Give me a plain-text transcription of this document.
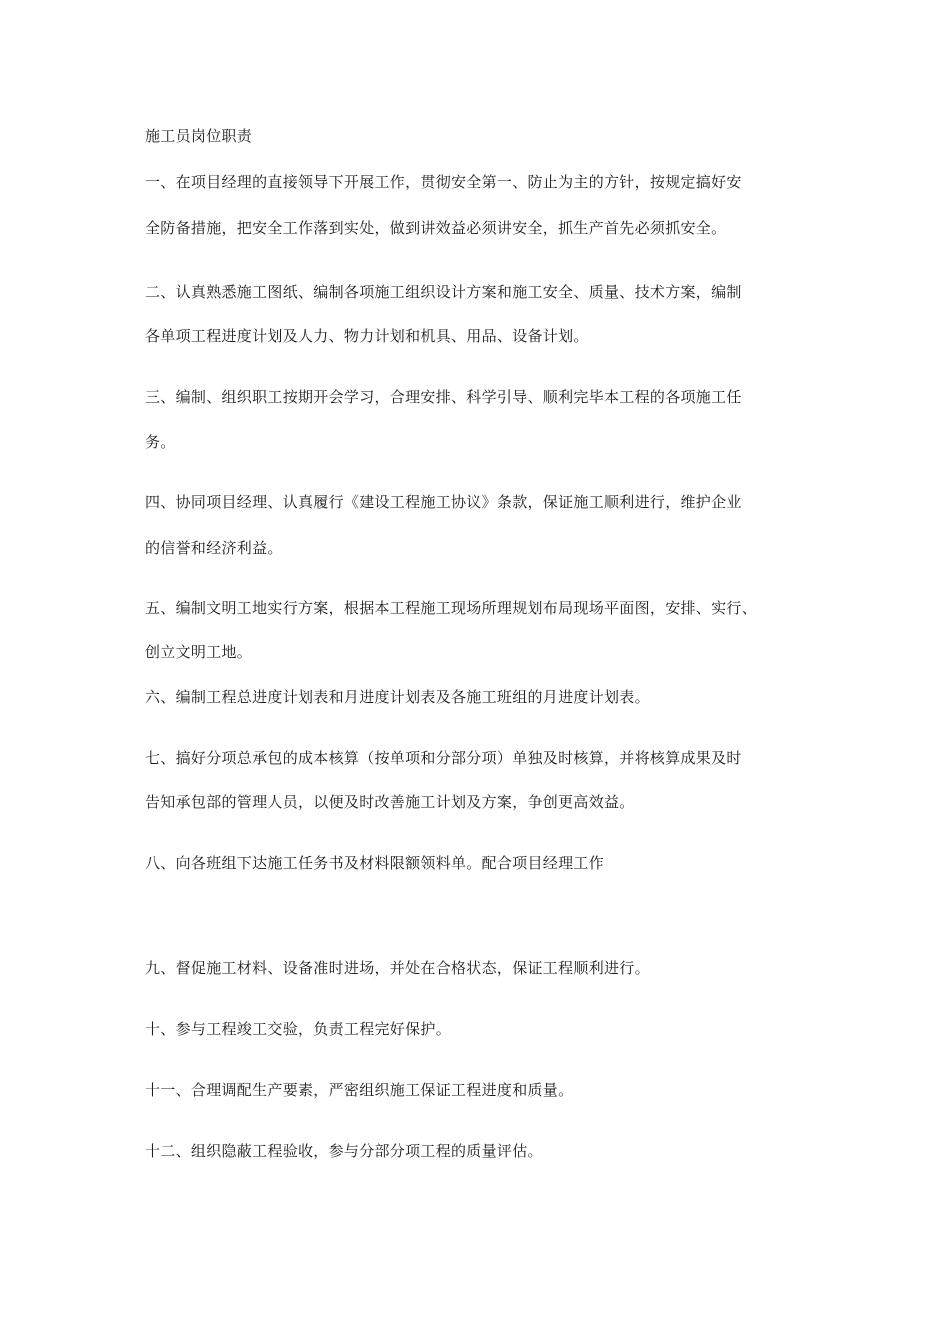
施工员岗位职责
一、在项目经理的直接领导下开展工作，贯彻安全第一、防止为主的方针，按规定搞好安
全防备措施，把安全工作落到实处，做到讲效益必须讲安全，抓生产首先必须抓安全。
二、认真熟悉施工图纸、编制各项施工组织设计方案和施工安全、质量、技术方案，编制
各单项工程进度计划及人力、物力计划和机具、用品、设备计划。
三、编制、组织职工按期开会学习，合理安排、科学引导、顺利完毕本工程的各项施工任
务。
四、协同项目经理、认真履行《建设工程施工协议》条款，保证施工顺利进行，维护企业
的信誉和经济利益。
五、编制文明工地实行方案，根据本工程施工现场所理规划布局现场平面图，安排、实行、
创立文明工地。
六、编制工程总进度计划表和月进度计划表及各施工班组的月进度计划表。
七、搞好分项总承包的成本核算（按单项和分部分项）单独及时核算，并将核算成果及时
告知承包部的管理人员，以便及时改善施工计划及方案，争创更高效益。
八、向各班组下达施工任务书及材料限额领料单。配合项目经理工作
九、督促施工材料、设备准时进场，并处在合格状态，保证工程顺利进行。
十、参与工程竣工交验，负责工程完好保护。
十一、合理调配生产要素，严密组织施工保证工程进度和质量。
十二、组织隐蔽工程验收，参与分部分项工程的质量评估。
